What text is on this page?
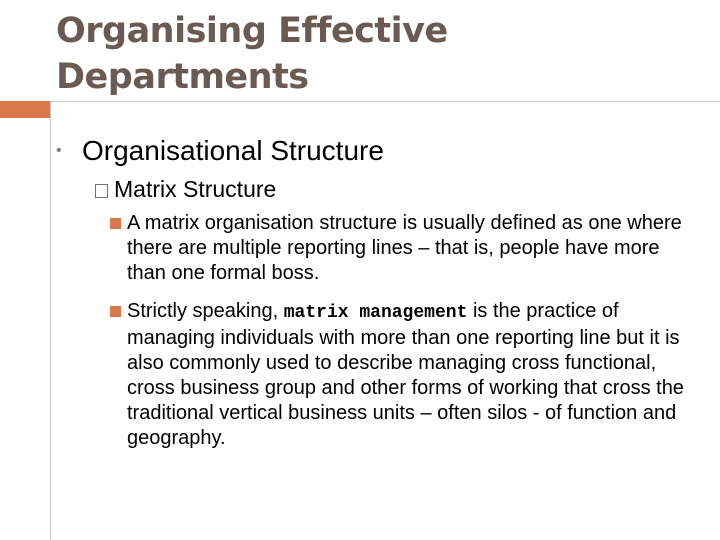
Organising Effective Departments
• Organisational Structure
Matrix Structure
A matrix organisation structure is usually defined as one where there are multiple reporting lines – that is, people have more than one formal boss.
Strictly speaking, matrix management is the practice of managing individuals with more than one reporting line but it is also commonly used to describe managing cross functional, cross business group and other forms of working that cross the traditional vertical business units – often silos - of function and geography.
